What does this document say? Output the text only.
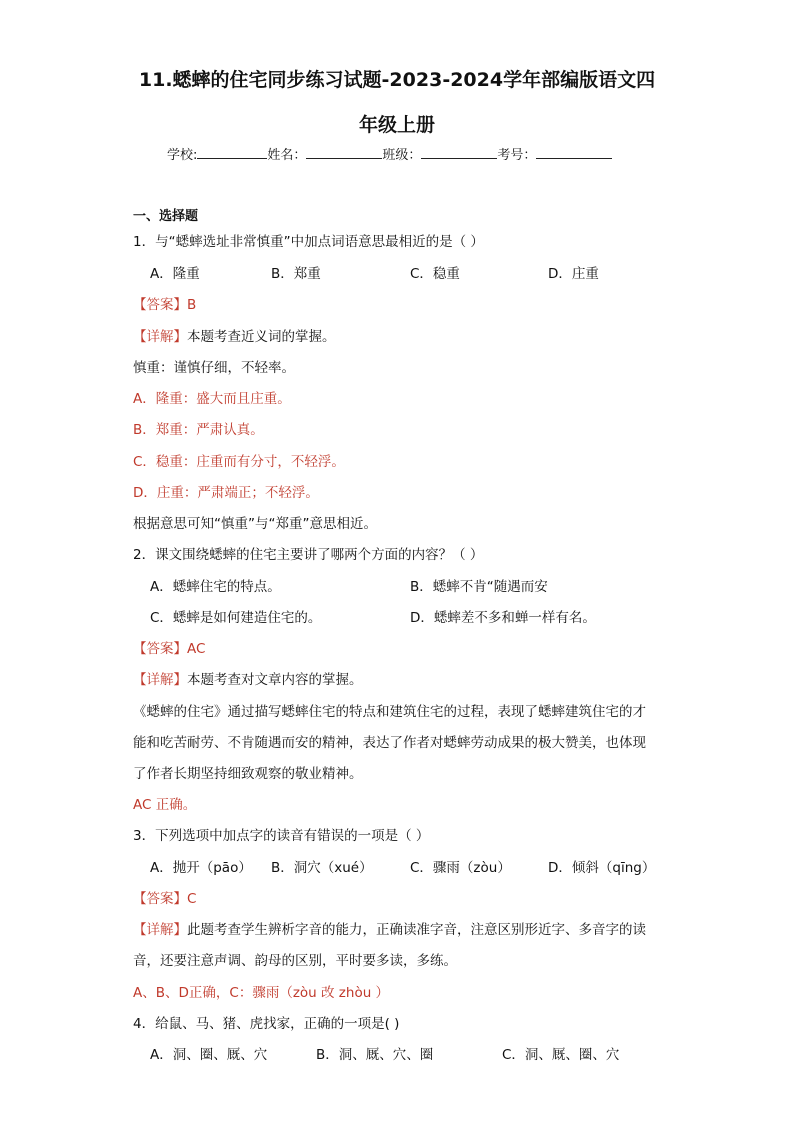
11.蟋蟀的住宅同步练习试题-2023-2024学年部编版语文四
年级上册
学校:	姓名：	班级：	考号：
一、选择题
1．与“蟋蟀选址非常慎重”中加点词语意思最相近的是（ ）
A．隆重	B．郑重	C．稳重	D．庄重
【答案】B
【详解】本题考查近义词的掌握。
慎重：谨慎仔细，不轻率。
A．隆重：盛大而且庄重。
B．郑重：严肃认真。
C．稳重：庄重而有分寸，不轻浮。
D．庄重：严肃端正；不轻浮。
根据意思可知“慎重”与“郑重”意思相近。
2．课文围绕蟋蟀的住宅主要讲了哪两个方面的内容？（ ）
A．蟋蟀住宅的特点。	B．蟋蟀不肯“随遇而安
C．蟋蟀是如何建造住宅的。	D．蟋蟀差不多和蝉一样有名。
【答案】AC
【详解】本题考查对文章内容的掌握。
《蟋蟀的住宅》通过描写蟋蟀住宅的特点和建筑住宅的过程，表现了蟋蟀建筑住宅的才
能和吃苦耐劳、不肯随遇而安的精神，表达了作者对蟋蟀劳动成果的极大赞美，也体现
了作者长期坚持细致观察的敬业精神。
AC 正确。
3．下列选项中加点字的读音有错误的一项是（ ）
A．抛开（pāo） B．洞穴（xué）	C．骤雨（zòu）	D．倾斜（qīng）
【答案】C
【详解】此题考查学生辨析字音的能力，正确读准字音，注意区别形近字、多音字的读
音，还要注意声调、韵母的区别，平时要多读，多练。
A、B、D正确，C：骤雨（zòu 改 zhòu ）
4．给鼠、马、猪、虎找家，正确的一项是( )
A．洞、圈、厩、穴	B．洞、厩、穴、圈	C．洞、厩、圈、穴
